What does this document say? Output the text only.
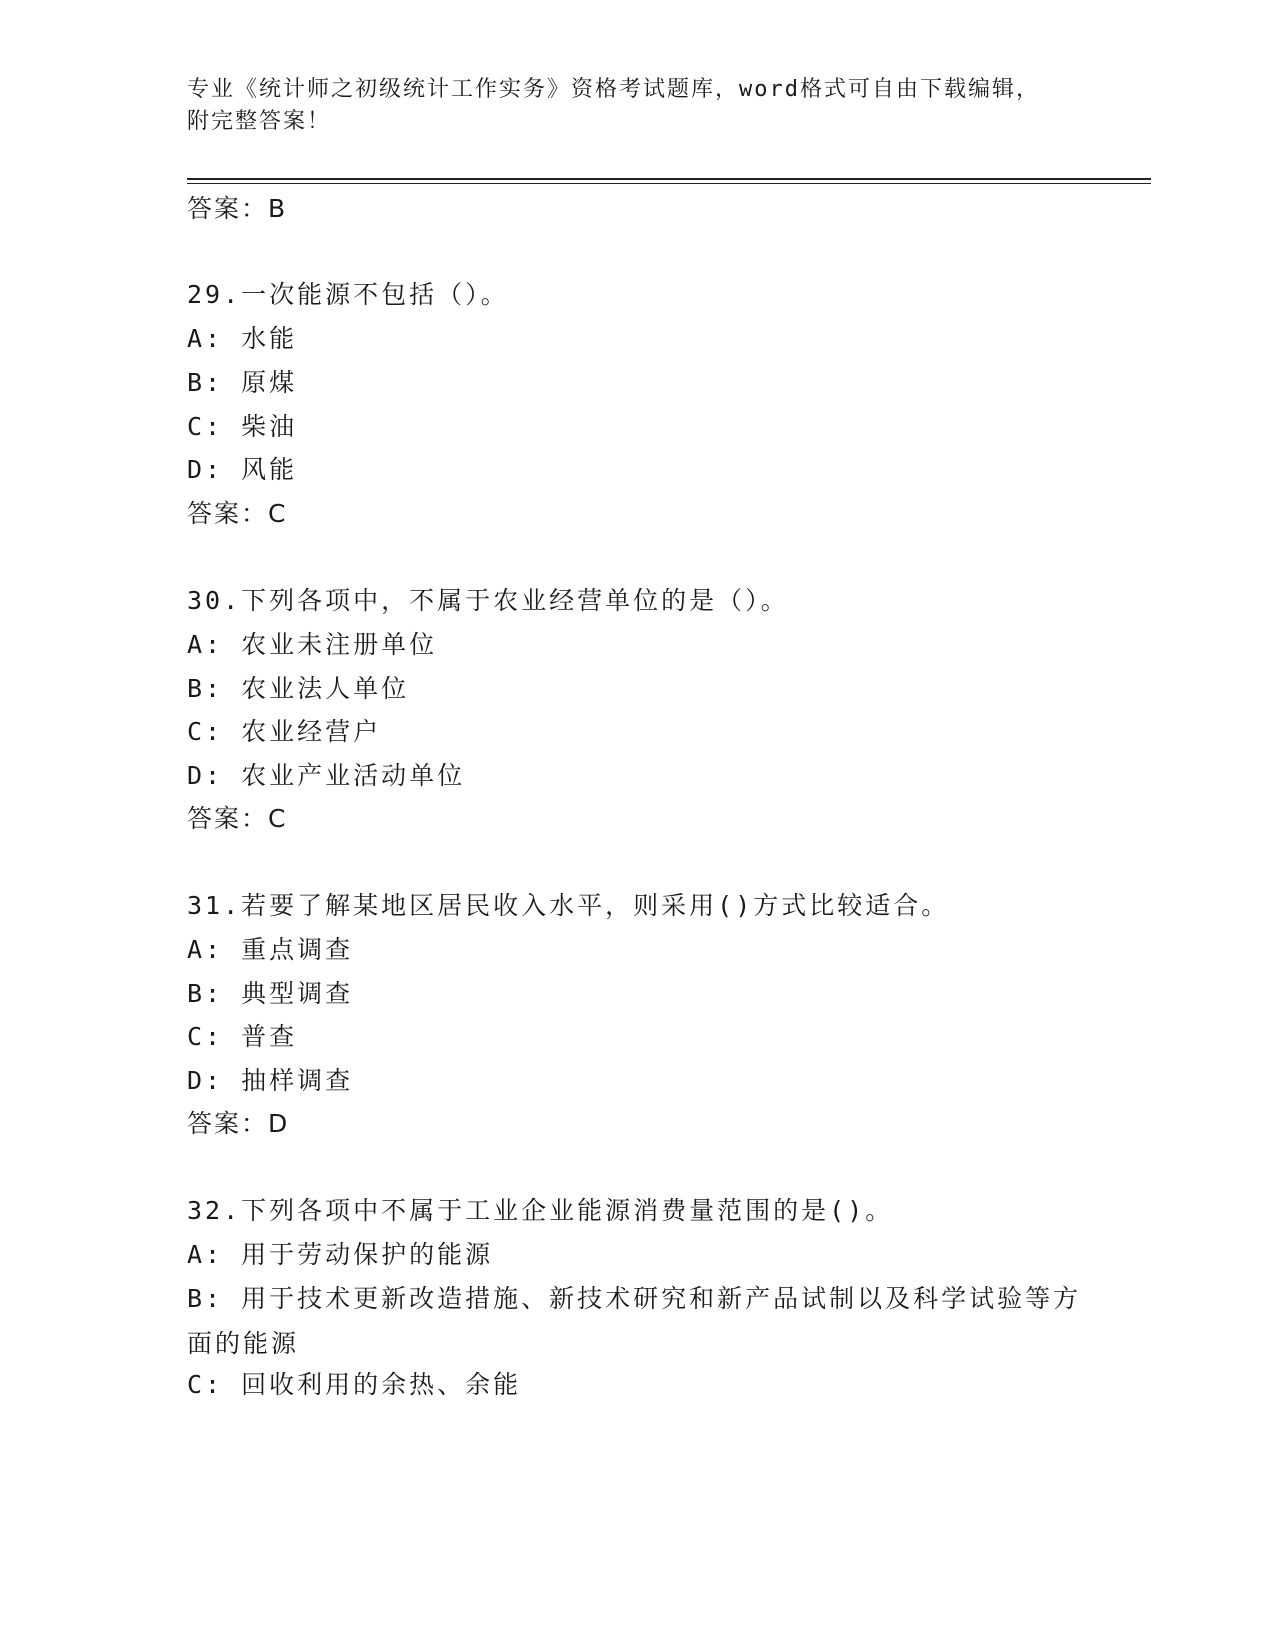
专业《统计师之初级统计工作实务》资格考试题库，word格式可自由下载编辑，
附完整答案！
答案：B
29.一次能源不包括（）。
A: 水能
B: 原煤
C: 柴油
D: 风能
答案：C
30.下列各项中，不属于农业经营单位的是（）。
A: 农业未注册单位
B: 农业法人单位
C: 农业经营户
D: 农业产业活动单位
答案：C
31.若要了解某地区居民收入水平，则采用()方式比较适合。
A: 重点调查
B: 典型调查
C: 普查
D: 抽样调查
答案：D
32.下列各项中不属于工业企业能源消费量范围的是()。
A: 用于劳动保护的能源
B: 用于技术更新改造措施、新技术研究和新产品试制以及科学试验等方面的能源
C: 回收利用的余热、余能
